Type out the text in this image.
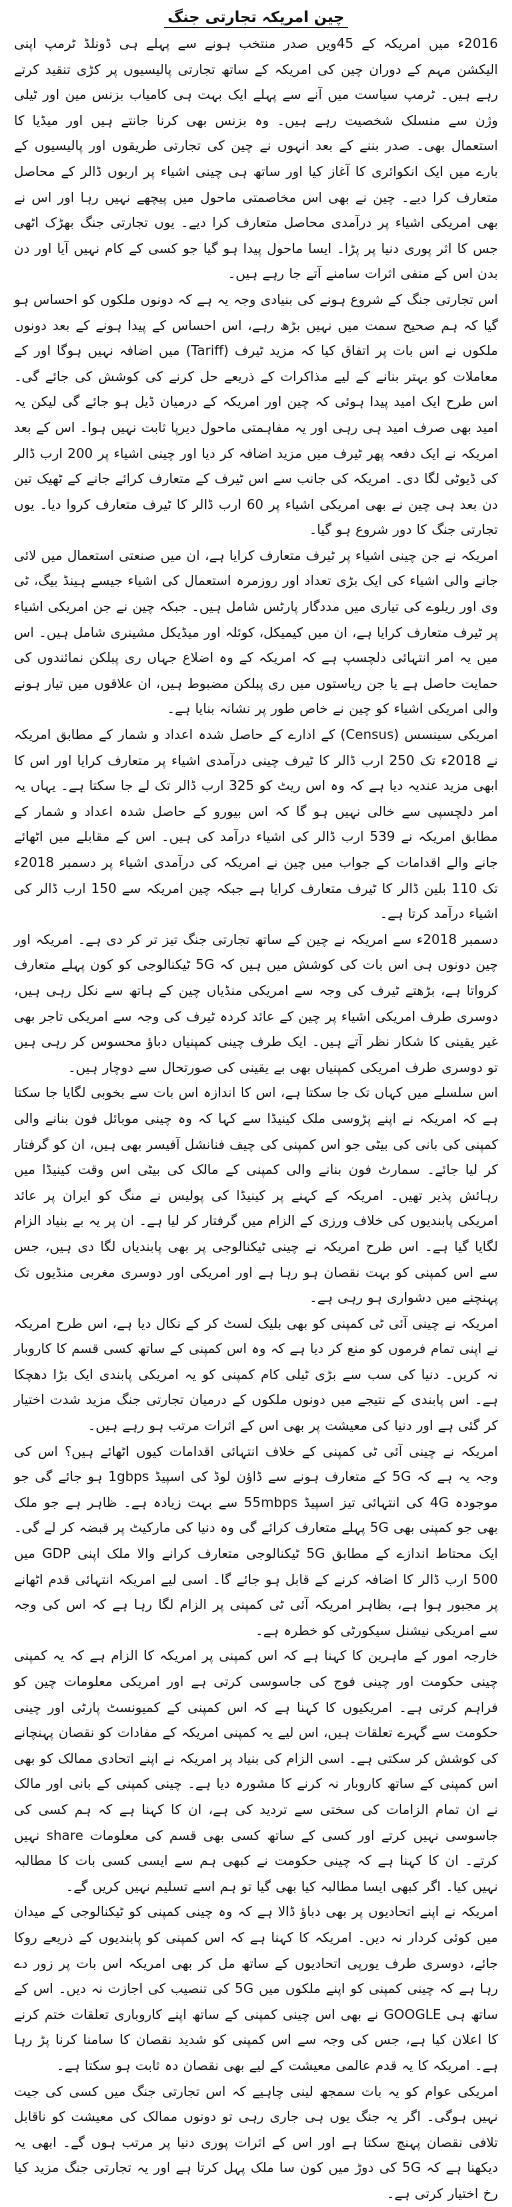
چین امریکہ تجارتی جنگ

2016ء میں امریکہ کے 45ویں صدر منتخب ہونے سے پہلے ہی ڈونلڈ ٹرمپ اپنی الیکشن مہم کے دوران چین کی امریکہ کے ساتھ تجارتی پالیسیوں پر کڑی تنقید کرتے رہے ہیں۔ ٹرمپ سیاست میں آنے سے پہلے ایک بہت ہی کامیاب بزنس مین اور ٹیلی وژن سے منسلک شخصیت رہے ہیں۔ وہ بزنس بھی کرنا جانتے ہیں اور میڈیا کا استعمال بھی۔ صدر بننے کے بعد انہوں نے چین کی تجارتی طریقوں اور پالیسیوں کے بارے میں ایک انکوائری کا آغاز کیا اور ساتھ ہی چینی اشیاء پر اربوں ڈالر کے محاصل متعارف کرا دیے۔ چین نے بھی اس مخاصمتی ماحول میں پیچھے نہیں رہا اور اس نے بھی امریکی اشیاء پر درآمدی محاصل متعارف کرا دیے۔ یوں تجارتی جنگ بھڑک اٹھی جس کا اثر پوری دنیا پر پڑا۔ ایسا ماحول پیدا ہو گیا جو کسی کے کام نہیں آیا اور دن بدن اس کے منفی اثرات سامنے آتے جا رہے ہیں۔

اس تجارتی جنگ کے شروع ہونے کی بنیادی وجہ یہ ہے کہ دونوں ملکوں کو احساس ہو گیا کہ ہم صحیح سمت میں نہیں بڑھ رہے، اس احساس کے پیدا ہونے کے بعد دونوں ملکوں نے اس بات پر اتفاق کیا کہ مزید ٹیرف (Tariff) میں اضافہ نہیں ہوگا اور کے معاملات کو بہتر بنانے کے لیے مذاکرات کے ذریعے حل کرنے کی کوشش کی جائے گی۔ اس طرح ایک امید پیدا ہوئی کہ چین اور امریکہ کے درمیان ڈیل ہو جائے گی لیکن یہ امید بھی صرف امید ہی رہی اور یہ مفاہمتی ماحول دیرپا ثابت نہیں ہوا۔ اس کے بعد امریکہ نے ایک دفعہ پھر ٹیرف میں مزید اضافہ کر دیا اور چینی اشیاء پر 200 ارب ڈالر کی ڈیوٹی لگا دی۔ امریکہ کی جانب سے اس ٹیرف کے متعارف کرائے جانے کے ٹھیک تین دن بعد ہی چین نے بھی امریکی اشیاء پر 60 ارب ڈالر کا ٹیرف متعارف کروا دیا۔ یوں تجارتی جنگ کا دور شروع ہو گیا۔

امریکہ نے جن چینی اشیاء پر ٹیرف متعارف کرایا ہے، ان میں صنعتی استعمال میں لائی جانے والی اشیاء کی ایک بڑی تعداد اور روزمرہ استعمال کی اشیاء جیسے ہینڈ بیگ، ٹی وی اور ریلوے کی تیاری میں مددگار پارٹس شامل ہیں۔ جبکہ چین نے جن امریکی اشیاء پر ٹیرف متعارف کرایا ہے، ان میں کیمیکل، کوئلہ اور میڈیکل مشینری شامل ہیں۔ اس میں یہ امر انتہائی دلچسپ ہے کہ امریکہ کے وہ اضلاع جہاں ری پبلکن نمائندوں کی حمایت حاصل ہے یا جن ریاستوں میں ری پبلکن مضبوط ہیں، ان علاقوں میں تیار ہونے والی امریکی اشیاء کو چین نے خاص طور پر نشانہ بنایا ہے۔

امریکی سینسس (Census) کے ادارے کے حاصل شدہ اعداد و شمار کے مطابق امریکہ نے 2018ء تک 250 ارب ڈالر کا ٹیرف چینی درآمدی اشیاء پر متعارف کرایا اور اس کا ابھی مزید عندیہ دیا ہے کہ وہ اس ریٹ کو 325 ارب ڈالر تک لے جا سکتا ہے۔ یہاں یہ امر دلچسپی سے خالی نہیں ہو گا کہ اس بیورو کے حاصل شدہ اعداد و شمار کے مطابق امریکہ نے 539 ارب ڈالر کی اشیاء درآمد کی ہیں۔ اس کے مقابلے میں اٹھائے جانے والے اقدامات کے جواب میں چین نے امریکہ کی درآمدی اشیاء پر دسمبر 2018ء تک 110 بلین ڈالر کا ٹیرف متعارف کرایا ہے جبکہ چین امریکہ سے 150 ارب ڈالر کی اشیاء درآمد کرتا ہے۔

دسمبر 2018ء سے امریکہ نے چین کے ساتھ تجارتی جنگ تیز تر کر دی ہے۔ امریکہ اور چین دونوں ہی اس بات کی کوشش میں ہیں کہ 5G ٹیکنالوجی کو کون پہلے متعارف کرواتا ہے، بڑھتے ٹیرف کی وجہ سے امریکی منڈیاں چین کے ہاتھ سے نکل رہی ہیں، دوسری طرف امریکی اشیاء پر چین کے عائد کردہ ٹیرف کی وجہ سے امریکی تاجر بھی غیر یقینی کا شکار نظر آتے ہیں۔ ایک طرف چینی کمپنیاں دباؤ محسوس کر رہی ہیں تو دوسری طرف امریکی کمپنیاں بھی بے یقینی کی صورتحال سے دوچار ہیں۔

اس سلسلے میں کہاں تک جا سکتا ہے، اس کا اندازہ اس بات سے بخوبی لگایا جا سکتا ہے کہ امریکہ نے اپنے پڑوسی ملک کینیڈا سے کہا کہ وہ چینی موبائل فون بنانے والی کمپنی کی بانی کی بیٹی جو اس کمپنی کی چیف فنانشل آفیسر بھی ہیں، ان کو گرفتار کر لیا جائے۔ سمارٹ فون بنانے والی کمپنی کے مالک کی بیٹی اس وقت کینیڈا میں رہائش پذیر تھیں۔ امریکہ کے کہنے پر کینیڈا کی پولیس نے منگ کو ایران پر عائد امریکی پابندیوں کی خلاف ورزی کے الزام میں گرفتار کر لیا ہے۔ ان پر یہ بے بنیاد الزام لگایا گیا ہے۔ اس طرح امریکہ نے چینی ٹیکنالوجی پر بھی پابندیاں لگا دی ہیں، جس سے اس کمپنی کو بہت نقصان ہو رہا ہے اور امریکی اور دوسری مغربی منڈیوں تک پہنچنے میں دشواری ہو رہی ہے۔

امریکہ نے چینی آئی ٹی کمپنی کو بھی بلیک لسٹ کر کے نکال دیا ہے، اس طرح امریکہ نے اپنی تمام فرموں کو منع کر دیا ہے کہ وہ اس کمپنی کے ساتھ کسی قسم کا کاروبار نہ کریں۔ دنیا کی سب سے بڑی ٹیلی کام کمپنی کو یہ امریکی پابندی ایک بڑا دھچکا ہے۔ اس پابندی کے نتیجے میں دونوں ملکوں کے درمیان تجارتی جنگ مزید شدت اختیار کر گئی ہے اور دنیا کی معیشت پر بھی اس کے اثرات مرتب ہو رہے ہیں۔

امریکہ نے چینی آئی ٹی کمپنی کے خلاف انتہائی اقدامات کیوں اٹھائے ہیں؟ اس کی وجہ یہ ہے کہ 5G کے متعارف ہونے سے ڈاؤن لوڈ کی اسپیڈ 1gbps ہو جائے گی جو موجودہ 4G کی انتہائی تیز اسپیڈ 55mbps سے بہت زیادہ ہے۔ ظاہر ہے جو ملک بھی جو کمپنی بھی 5G پہلے متعارف کرائے گی وہ دنیا کی مارکیٹ پر قبضہ کر لے گی۔ ایک محتاط اندازے کے مطابق 5G ٹیکنالوجی متعارف کرانے والا ملک اپنی GDP میں 500 ارب ڈالر کا اضافہ کرنے کے قابل ہو جائے گا۔ اسی لیے امریکہ انتہائی قدم اٹھانے پر مجبور ہوا ہے، بظاہر امریکہ آئی ٹی کمپنی پر الزام لگا رہا ہے کہ اس کی وجہ سے امریکی نیشنل سیکورٹی کو خطرہ ہے۔

خارجہ امور کے ماہرین کا کہنا ہے کہ اس کمپنی پر امریکہ کا الزام ہے کہ یہ کمپنی چینی حکومت اور چینی فوج کی جاسوسی کرتی ہے اور امریکی معلومات چین کو فراہم کرتی ہے۔ امریکیوں کا کہنا ہے کہ اس کمپنی کے کمیونسٹ پارٹی اور چینی حکومت سے گہرے تعلقات ہیں، اس لیے یہ کمپنی امریکہ کے مفادات کو نقصان پہنچانے کی کوشش کر سکتی ہے۔ اسی الزام کی بنیاد پر امریکہ نے اپنے اتحادی ممالک کو بھی اس کمپنی کے ساتھ کاروبار نہ کرنے کا مشورہ دیا ہے۔ چینی کمپنی کے بانی اور مالک نے ان تمام الزامات کی سختی سے تردید کی ہے، ان کا کہنا ہے کہ ہم کسی کی جاسوسی نہیں کرتے اور کسی کے ساتھ کسی بھی قسم کی معلومات share نہیں کرتے۔ ان کا کہنا ہے کہ چینی حکومت نے کبھی ہم سے ایسی کسی بات کا مطالبہ نہیں کیا۔ اگر کبھی ایسا مطالبہ کیا بھی گیا تو ہم اسے تسلیم نہیں کریں گے۔

امریکہ نے اپنے اتحادیوں پر بھی دباؤ ڈالا ہے کہ وہ چینی کمپنی کو ٹیکنالوجی کے میدان میں کوئی کردار نہ دیں۔ امریکہ کا کہنا ہے کہ اس کمپنی کو پابندیوں کے ذریعے روکا جائے، دوسری طرف یورپی اتحادیوں کے ساتھ مل کر بھی امریکہ اس بات پر زور دے رہا ہے کہ چینی کمپنی کو اپنے ملکوں میں 5G کی تنصیب کی اجازت نہ دیں۔ اس کے ساتھ ہی GOOGLE نے بھی اس چینی کمپنی کے ساتھ اپنے کاروباری تعلقات ختم کرنے کا اعلان کیا ہے، جس کی وجہ سے اس کمپنی کو شدید نقصان کا سامنا کرنا پڑ رہا ہے۔ امریکہ کا یہ قدم عالمی معیشت کے لیے بھی نقصان دہ ثابت ہو سکتا ہے۔

امریکی عوام کو یہ بات سمجھ لینی چاہیے کہ اس تجارتی جنگ میں کسی کی جیت نہیں ہوگی۔ اگر یہ جنگ یوں ہی جاری رہی تو دونوں ممالک کی معیشت کو ناقابل تلافی نقصان پہنچ سکتا ہے اور اس کے اثرات پوری دنیا پر مرتب ہوں گے۔ ابھی یہ دیکھنا ہے کہ 5G کی دوڑ میں کون سا ملک پہل کرتا ہے اور یہ تجارتی جنگ مزید کیا رخ اختیار کرتی ہے۔
